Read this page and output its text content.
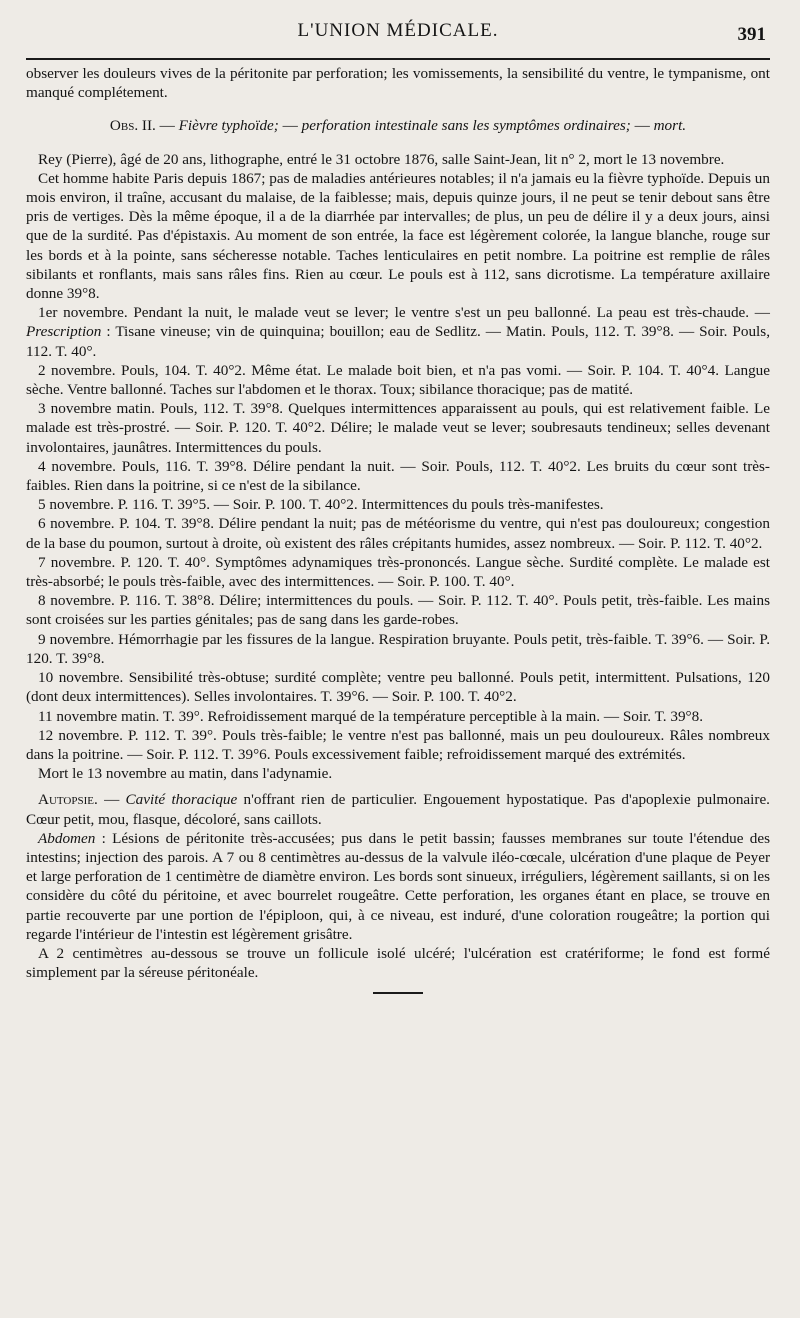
L'UNION MÉDICALE.	391

observer les douleurs vives de la péritonite par perforation; les vomissements, la sensibilité du ventre, le tympanisme, ont manqué complétement.

Obs. II. — Fièvre typhoïde; — perforation intestinale sans les symptômes ordinaires; — mort.

Rey (Pierre), âgé de 20 ans, lithographe, entré le 31 octobre 1876, salle Saint-Jean, lit n° 2, mort le 13 novembre.

Cet homme habite Paris depuis 1867; pas de maladies antérieures notables; il n'a jamais eu la fièvre typhoïde. Depuis un mois environ, il traîne, accusant du malaise, de la faiblesse; mais, depuis quinze jours, il ne peut se tenir debout sans être pris de vertiges. Dès la même époque, il a de la diarrhée par intervalles; de plus, un peu de délire il y a deux jours, ainsi que de la surdité. Pas d'épistaxis. Au moment de son entrée, la face est légèrement colorée, la langue blanche, rouge sur les bords et à la pointe, sans sécheresse notable. Taches lenticulaires en petit nombre. La poitrine est remplie de râles sibilants et ronflants, mais sans râles fins. Rien au cœur. Le pouls est à 112, sans dicrotisme. La température axillaire donne 39°8.

1er novembre. Pendant la nuit, le malade veut se lever; le ventre s'est un peu ballonné. La peau est très-chaude. — Prescription : Tisane vineuse; vin de quinquina; bouillon; eau de Sedlitz. — Matin. Pouls, 112. T. 39°8. — Soir. Pouls, 112. T. 40°.

2 novembre. Pouls, 104. T. 40°2. Même état. Le malade boit bien, et n'a pas vomi. — Soir. P. 104. T. 40°4. Langue sèche. Ventre ballonné. Taches sur l'abdomen et le thorax. Toux; sibilance thoracique; pas de matité.

3 novembre matin. Pouls, 112. T. 39°8. Quelques intermittences apparaissent au pouls, qui est relativement faible. Le malade est très-prostré. — Soir. P. 120. T. 40°2. Délire; le malade veut se lever; soubresauts tendineux; selles devenant involontaires, jaunâtres. Intermittences du pouls.

4 novembre. Pouls, 116. T. 39°8. Délire pendant la nuit. — Soir. Pouls, 112. T. 40°2. Les bruits du cœur sont très-faibles. Rien dans la poitrine, si ce n'est de la sibilance.

5 novembre. P. 116. T. 39°5. — Soir. P. 100. T. 40°2. Intermittences du pouls très-manifestes.

6 novembre. P. 104. T. 39°8. Délire pendant la nuit; pas de météorisme du ventre, qui n'est pas douloureux; congestion de la base du poumon, surtout à droite, où existent des râles crépitants humides, assez nombreux. — Soir. P. 112. T. 40°2.

7 novembre. P. 120. T. 40°. Symptômes adynamiques très-prononcés. Langue sèche. Surdité complète. Le malade est très-absorbé; le pouls très-faible, avec des intermittences. — Soir. P. 100. T. 40°.

8 novembre. P. 116. T. 38°8. Délire; intermittences du pouls. — Soir. P. 112. T. 40°. Pouls petit, très-faible. Les mains sont croisées sur les parties génitales; pas de sang dans les garde-robes.

9 novembre. Hémorrhagie par les fissures de la langue. Respiration bruyante. Pouls petit, très-faible. T. 39°6. — Soir. P. 120. T. 39°8.

10 novembre. Sensibilité très-obtuse; surdité complète; ventre peu ballonné. Pouls petit, intermittent. Pulsations, 120 (dont deux intermittences). Selles involontaires. T. 39°6. — Soir. P. 100. T. 40°2.

11 novembre matin. T. 39°. Refroidissement marqué de la température perceptible à la main. — Soir. T. 39°8.

12 novembre. P. 112. T. 39°. Pouls très-faible; le ventre n'est pas ballonné, mais un peu douloureux. Râles nombreux dans la poitrine. — Soir. P. 112. T. 39°6. Pouls excessivement faible; refroidissement marqué des extrémités.

Mort le 13 novembre au matin, dans l'adynamie.

Autopsie. — Cavité thoracique n'offrant rien de particulier. Engouement hypostatique. Pas d'apoplexie pulmonaire. Cœur petit, mou, flasque, décoloré, sans caillots.

Abdomen : Lésions de péritonite très-accusées; pus dans le petit bassin; fausses membranes sur toute l'étendue des intestins; injection des parois. A 7 ou 8 centimètres au-dessus de la valvule iléo-cœcale, ulcération d'une plaque de Peyer et large perforation de 1 centimètre de diamètre environ. Les bords sont sinueux, irréguliers, légèrement saillants, si on les considère du côté du péritoine, et avec bourrelet rougeâtre. Cette perforation, les organes étant en place, se trouve en partie recouverte par une portion de l'épiploon, qui, à ce niveau, est induré, d'une coloration rougeâtre; la portion qui regarde l'intérieur de l'intestin est légèrement grisâtre.

A 2 centimètres au-dessous se trouve un follicule isolé ulcéré; l'ulcération est cratériforme; le fond est formé simplement par la séreuse péritonéale.
